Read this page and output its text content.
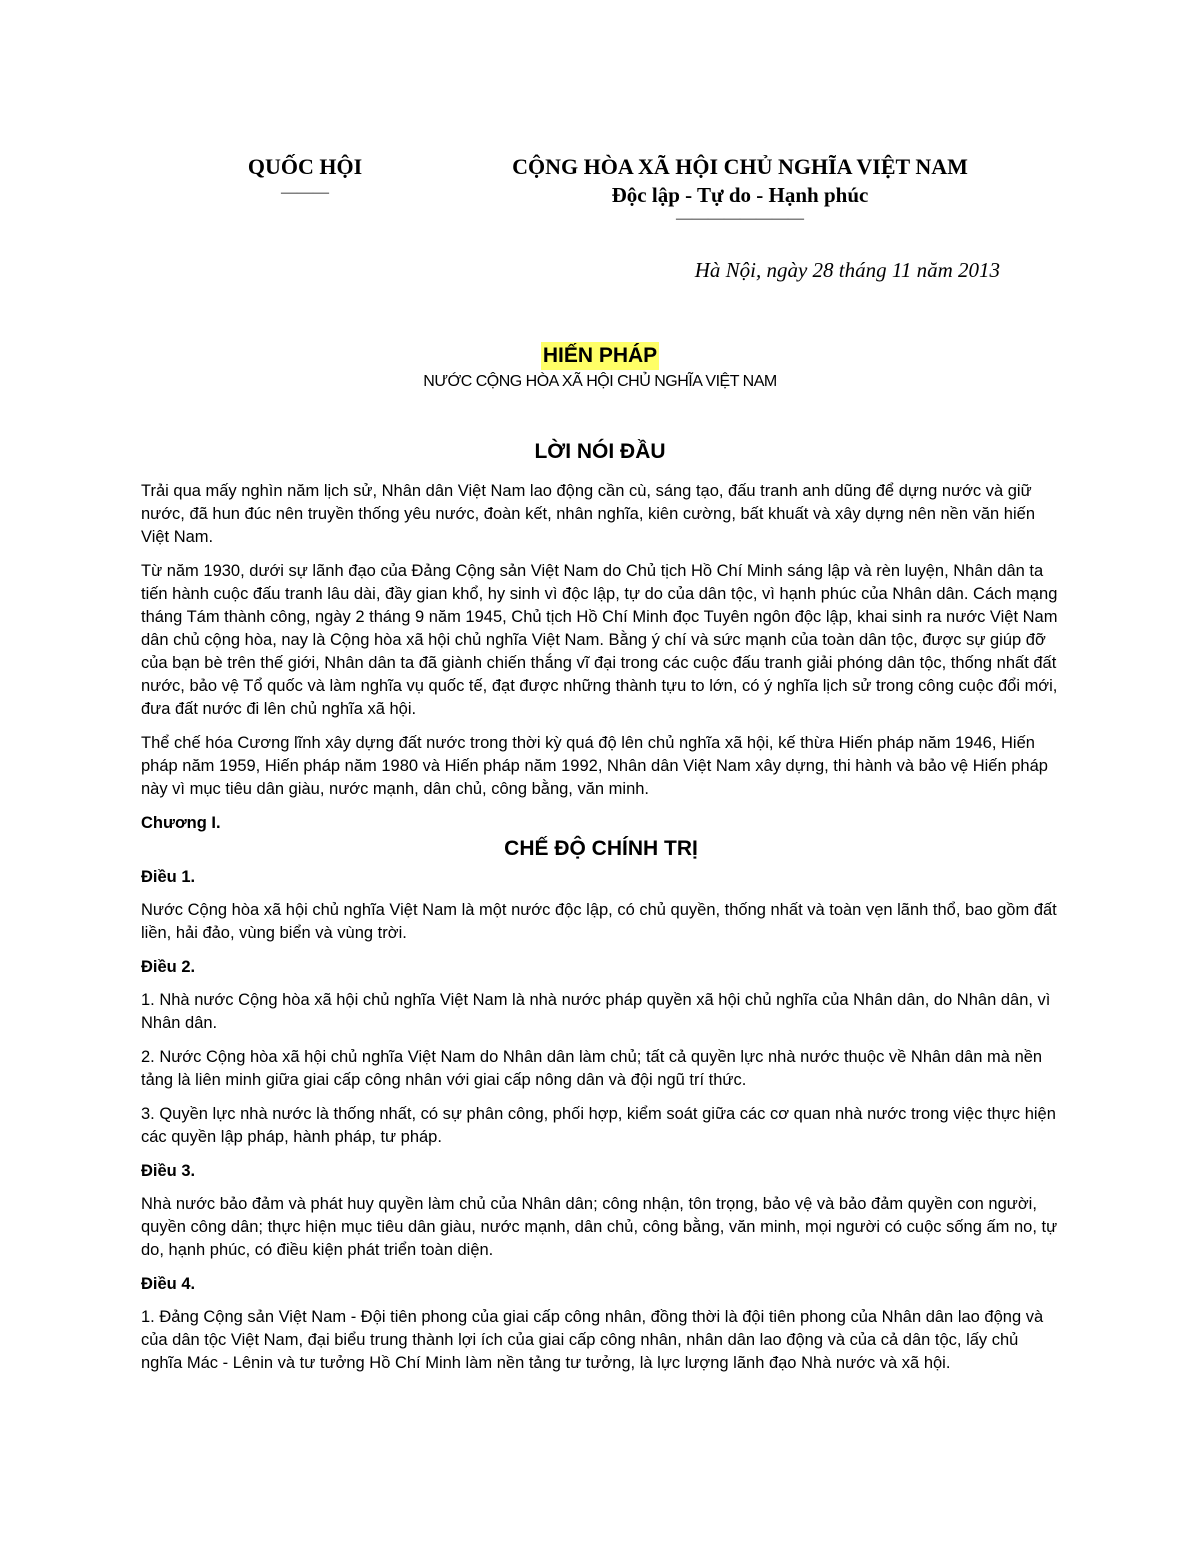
QUỐC HỘI
———
CỘNG HÒA XÃ HỘI CHỦ NGHĨA VIỆT NAM
Độc lập - Tự do - Hạnh phúc
————————
Hà Nội, ngày 28 tháng 11 năm 2013
HIẾN PHÁP
NƯỚC CỘNG HÒA XÃ HỘI CHỦ NGHĨA VIỆT NAM
LỜI NÓI ĐẦU

Trải qua mấy nghìn năm lịch sử, Nhân dân Việt Nam lao động cần cù, sáng tạo, đấu tranh anh dũng để dựng nước và giữ nước, đã hun đúc nên truyền thống yêu nước, đoàn kết, nhân nghĩa, kiên cường, bất khuất và xây dựng nên nền văn hiến Việt Nam.

Từ năm 1930, dưới sự lãnh đạo của Đảng Cộng sản Việt Nam do Chủ tịch Hồ Chí Minh sáng lập và rèn luyện, Nhân dân ta tiến hành cuộc đấu tranh lâu dài, đầy gian khổ, hy sinh vì độc lập, tự do của dân tộc, vì hạnh phúc của Nhân dân. Cách mạng tháng Tám thành công, ngày 2 tháng 9 năm 1945, Chủ tịch Hồ Chí Minh đọc Tuyên ngôn độc lập, khai sinh ra nước Việt Nam dân chủ cộng hòa, nay là Cộng hòa xã hội chủ nghĩa Việt Nam. Bằng ý chí và sức mạnh của toàn dân tộc, được sự giúp đỡ của bạn bè trên thế giới, Nhân dân ta đã giành chiến thắng vĩ đại trong các cuộc đấu tranh giải phóng dân tộc, thống nhất đất nước, bảo vệ Tổ quốc và làm nghĩa vụ quốc tế, đạt được những thành tựu to lớn, có ý nghĩa lịch sử trong công cuộc đổi mới, đưa đất nước đi lên chủ nghĩa xã hội.

Thể chế hóa Cương lĩnh xây dựng đất nước trong thời kỳ quá độ lên chủ nghĩa xã hội, kế thừa Hiến pháp năm 1946, Hiến pháp năm 1959, Hiến pháp năm 1980 và Hiến pháp năm 1992, Nhân dân Việt Nam xây dựng, thi hành và bảo vệ Hiến pháp này vì mục tiêu dân giàu, nước mạnh, dân chủ, công bằng, văn minh.

Chương I.
CHẾ ĐỘ CHÍNH TRỊ
Điều 1.

Nước Cộng hòa xã hội chủ nghĩa Việt Nam là một nước độc lập, có chủ quyền, thống nhất và toàn vẹn lãnh thổ, bao gồm đất liền, hải đảo, vùng biển và vùng trời.

Điều 2.

1. Nhà nước Cộng hòa xã hội chủ nghĩa Việt Nam là nhà nước pháp quyền xã hội chủ nghĩa của Nhân dân, do Nhân dân, vì Nhân dân.

2. Nước Cộng hòa xã hội chủ nghĩa Việt Nam do Nhân dân làm chủ; tất cả quyền lực nhà nước thuộc về Nhân dân mà nền tảng là liên minh giữa giai cấp công nhân với giai cấp nông dân và đội ngũ trí thức.

3. Quyền lực nhà nước là thống nhất, có sự phân công, phối hợp, kiểm soát giữa các cơ quan nhà nước trong việc thực hiện các quyền lập pháp, hành pháp, tư pháp.

Điều 3.

Nhà nước bảo đảm và phát huy quyền làm chủ của Nhân dân; công nhận, tôn trọng, bảo vệ và bảo đảm quyền con người, quyền công dân; thực hiện mục tiêu dân giàu, nước mạnh, dân chủ, công bằng, văn minh, mọi người có cuộc sống ấm no, tự do, hạnh phúc, có điều kiện phát triển toàn diện.

Điều 4.

1. Đảng Cộng sản Việt Nam - Đội tiên phong của giai cấp công nhân, đồng thời là đội tiên phong của Nhân dân lao động và của dân tộc Việt Nam, đại biểu trung thành lợi ích của giai cấp công nhân, nhân dân lao động và của cả dân tộc, lấy chủ nghĩa Mác - Lênin và tư tưởng Hồ Chí Minh làm nền tảng tư tưởng, là lực lượng lãnh đạo Nhà nước và xã hội.
